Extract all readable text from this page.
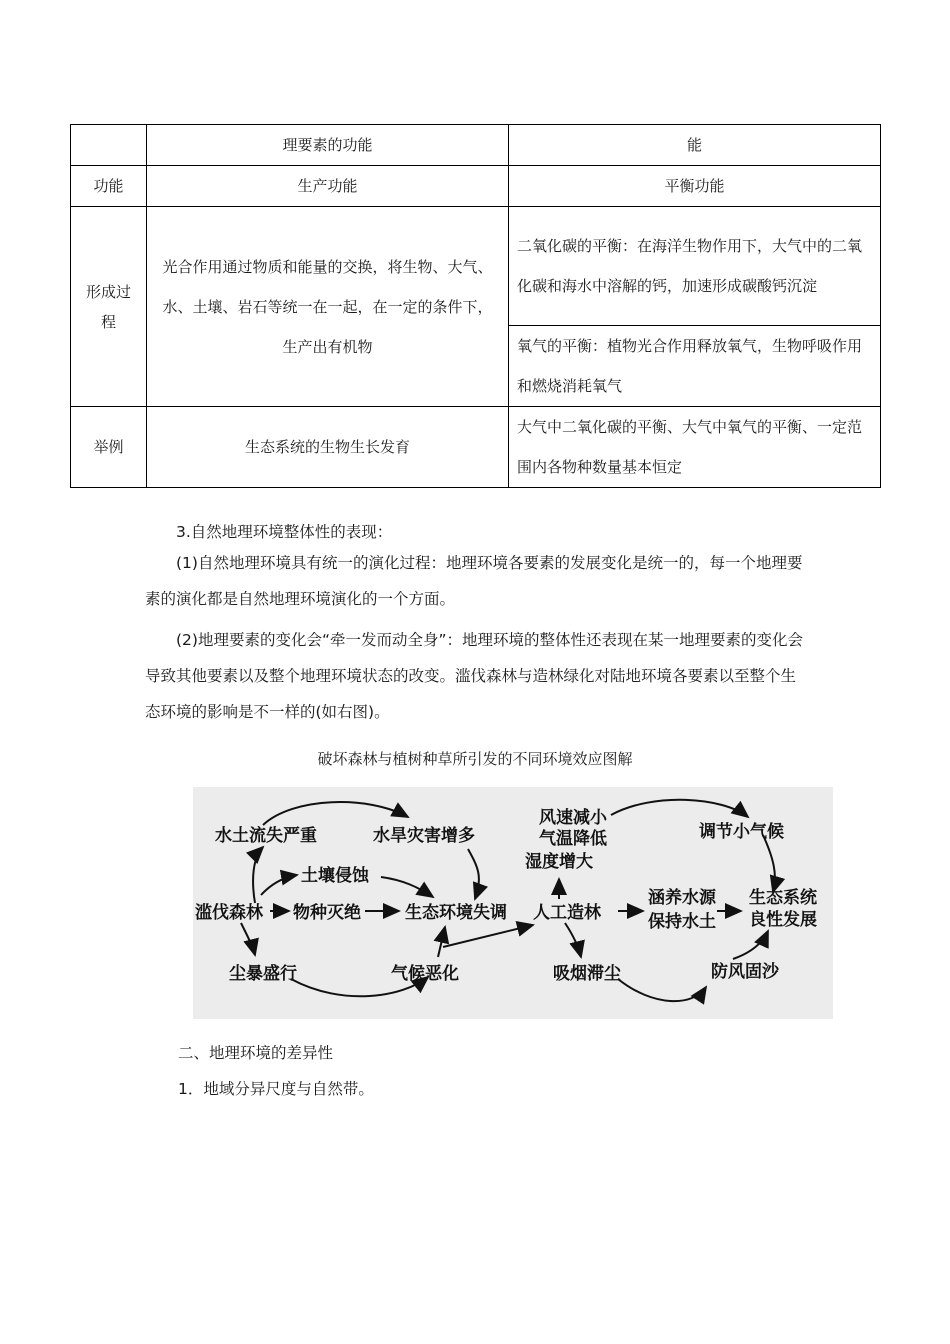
	理要素的功能	能
功能	生产功能	平衡功能
形成过程	光合作用通过物质和能量的交换，将生物、大气、水、土壤、岩石等统一在一起，在一定的条件下，生产出有机物	二氧化碳的平衡：在海洋生物作用下，大气中的二氧化碳和海水中溶解的钙，加速形成碳酸钙沉淀
		氧气的平衡：植物光合作用释放氧气，生物呼吸作用和燃烧消耗氧气
举例	生态系统的生物生长发育	大气中二氧化碳的平衡、大气中氧气的平衡、一定范围内各物种数量基本恒定
3.自然地理环境整体性的表现：
(1)自然地理环境具有统一的演化过程：地理环境各要素的发展变化是统一的，每一个地理要素的演化都是自然地理环境演化的一个方面。
(2)地理要素的变化会“牵一发而动全身”：地理环境的整体性还表现在某一地理要素的变化会导致其他要素以及整个地理环境状态的改变。滥伐森林与造林绿化对陆地环境各要素以至整个生态环境的影响是不一样的(如右图)。
破坏森林与植树种草所引发的不同环境效应图解
水土流失严重	水旱灾害增多
土壤侵蚀
滥伐森林 物种灭绝	生态环境失调
尘暴盛行	气候恶化
风速减小
气温降低
湿度增大
调节小气候
人工造林
涵养水源
保持水土
生态系统
良性发展
吸烟滞尘	防风固沙
二、地理环境的差异性
1．地域分异尺度与自然带。
